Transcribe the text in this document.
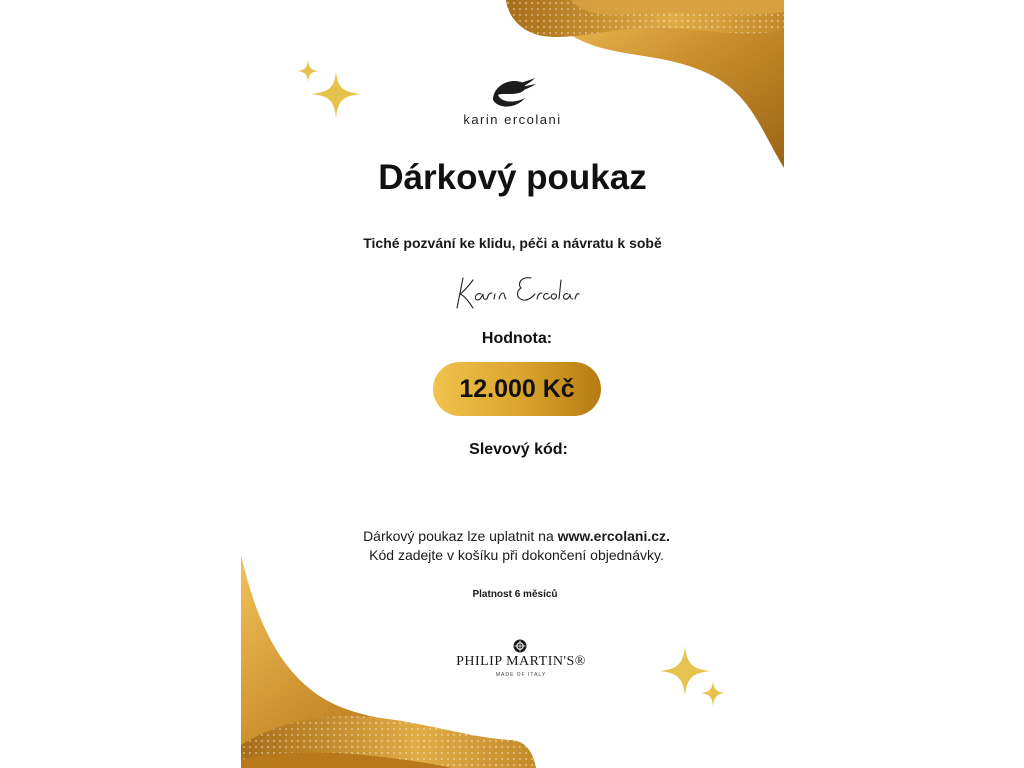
karin ercolani
Dárkový poukaz
Tiché pozvání ke klidu, péči a návratu k sobě
Hodnota:
12.000 Kč
Slevový kód:
Dárkový poukaz lze uplatnit na www.ercolani.cz.
Kód zadejte v košíku při dokončení objednávky.
Platnost 6 měsíců
PHILIP MARTIN'S®
MADE OF ITALY
